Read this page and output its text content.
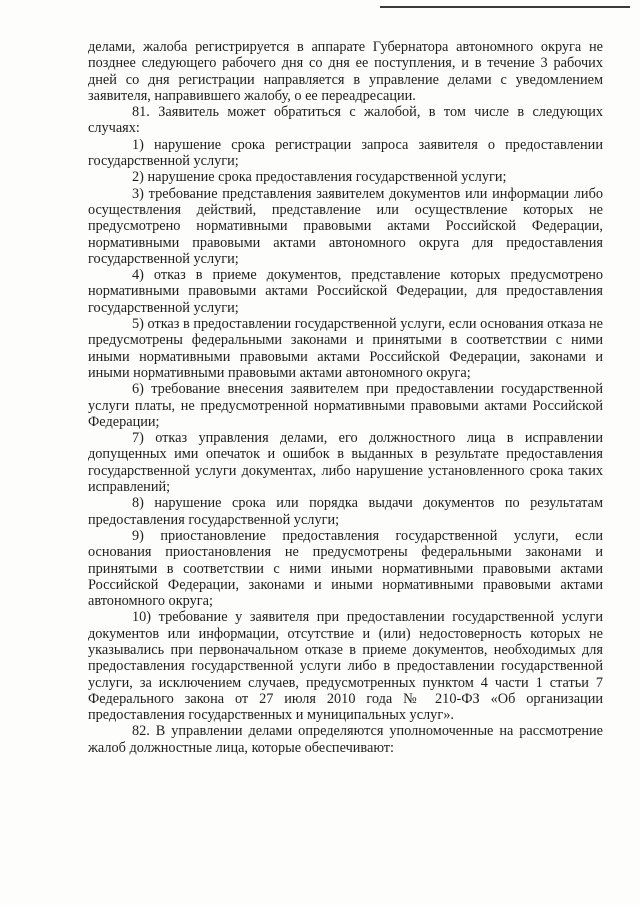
делами, жалоба регистрируется в аппарате Губернатора автономного округа не позднее следующего рабочего дня со дня ее поступления, и в течение 3 рабочих дней со дня регистрации направляется в управление делами с уведомлением заявителя, направившего жалобу, о ее переадресации.

81. Заявитель может обратиться с жалобой, в том числе в следующих случаях:

1) нарушение срока регистрации запроса заявителя о предоставлении государственной услуги;

2) нарушение срока предоставления государственной услуги;

3) требование представления заявителем документов или информации либо осуществления действий, представление или осуществление которых не предусмотрено нормативными правовыми актами Российской Федерации, нормативными правовыми актами автономного округа для предоставления государственной услуги;

4) отказ в приеме документов, представление которых предусмотрено нормативными правовыми актами Российской Федерации, для предоставления государственной услуги;

5) отказ в предоставлении государственной услуги, если основания отказа не предусмотрены федеральными законами и принятыми в соответствии с ними иными нормативными правовыми актами Российской Федерации, законами и иными нормативными правовыми актами автономного округа;

6) требование внесения заявителем при предоставлении государственной услуги платы, не предусмотренной нормативными правовыми актами Российской Федерации;

7) отказ управления делами, его должностного лица в исправлении допущенных ими опечаток и ошибок в выданных в результате предоставления государственной услуги документах, либо нарушение установленного срока таких исправлений;

8) нарушение срока или порядка выдачи документов по результатам предоставления государственной услуги;

9) приостановление предоставления государственной услуги, если основания приостановления не предусмотрены федеральными законами и принятыми в соответствии с ними иными нормативными правовыми актами Российской Федерации, законами и иными нормативными правовыми актами автономного округа;

10) требование у заявителя при предоставлении государственной услуги документов или информации, отсутствие и (или) недостоверность которых не указывались при первоначальном отказе в приеме документов, необходимых для предоставления государственной услуги либо в предоставлении государственной услуги, за исключением случаев, предусмотренных пунктом 4 части 1 статьи 7 Федерального закона от 27 июля 2010 года № 210-ФЗ «Об организации предоставления государственных и муниципальных услуг».

82. В управлении делами определяются уполномоченные на рассмотрение жалоб должностные лица, которые обеспечивают:
